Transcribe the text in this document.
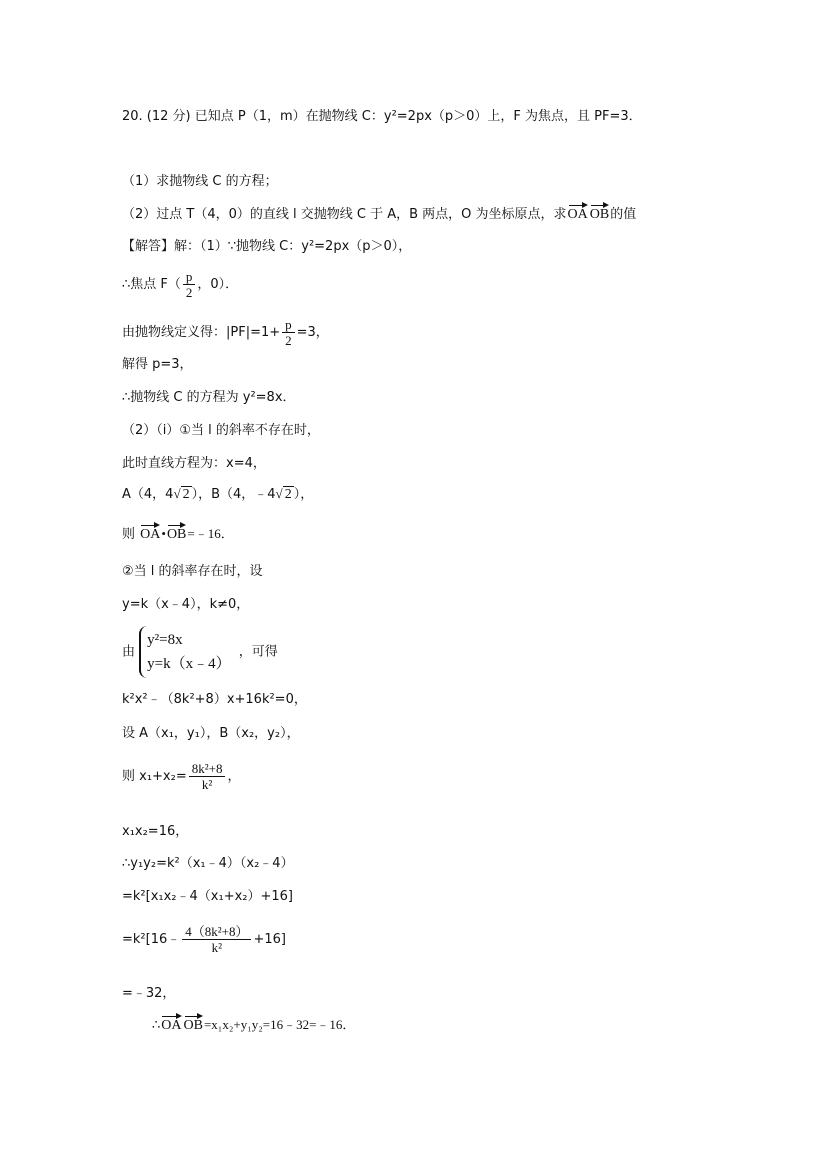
20. (12 分) 已知点 P（1，m）在抛物线 C：y²=2px（p＞0）上，F 为焦点，且 PF=3．
（1）求抛物线 C 的方程；
（2）过点 T（4，0）的直线 l 交抛物线 C 于 A，B 两点，O 为坐标原点，求OA OB的值
【解答】解：（1）∵抛物线 C：y²=2px（p＞0），
∴焦点 $F( \frac{p}{2}$ ，0）．
由抛物线定义得：$|PF|=1+ \frac{p}{2} =3$，
解得 p=3，
∴抛物线 C 的方程为 y²=8x．
（2）（i）①当 l 的斜率不存在时，
此时直线方程为：x=4，
A（4，4√ 2 ），B（4，﹣4√ 2 ），
则 OA•OB=﹣16．
②当 l 的斜率存在时，设
y=k（x﹣4），k≠0，
由
y²=8x
y=k（x﹣4）
，可得
k²x²﹣（8k²+8）x+16k²=0，
设 A（x₁，y₁），B（x₂，y₂），
则 $x_1+x_2= \frac{\text{8k²+8}}{\text{k²}}$ ，
x₁x₂=16，
∴y₁y₂=k²（x₁﹣4）（x₂﹣4）
=k²[x₁x₂﹣4（x₁+x₂）+16]
=k²[16﹣ $\frac{\text{4（8k²+8）}}{\text{k²}} +16$]
=﹣32，
∴OA OB=x₁x₂+y₁y₂=16﹣32=﹣16．
